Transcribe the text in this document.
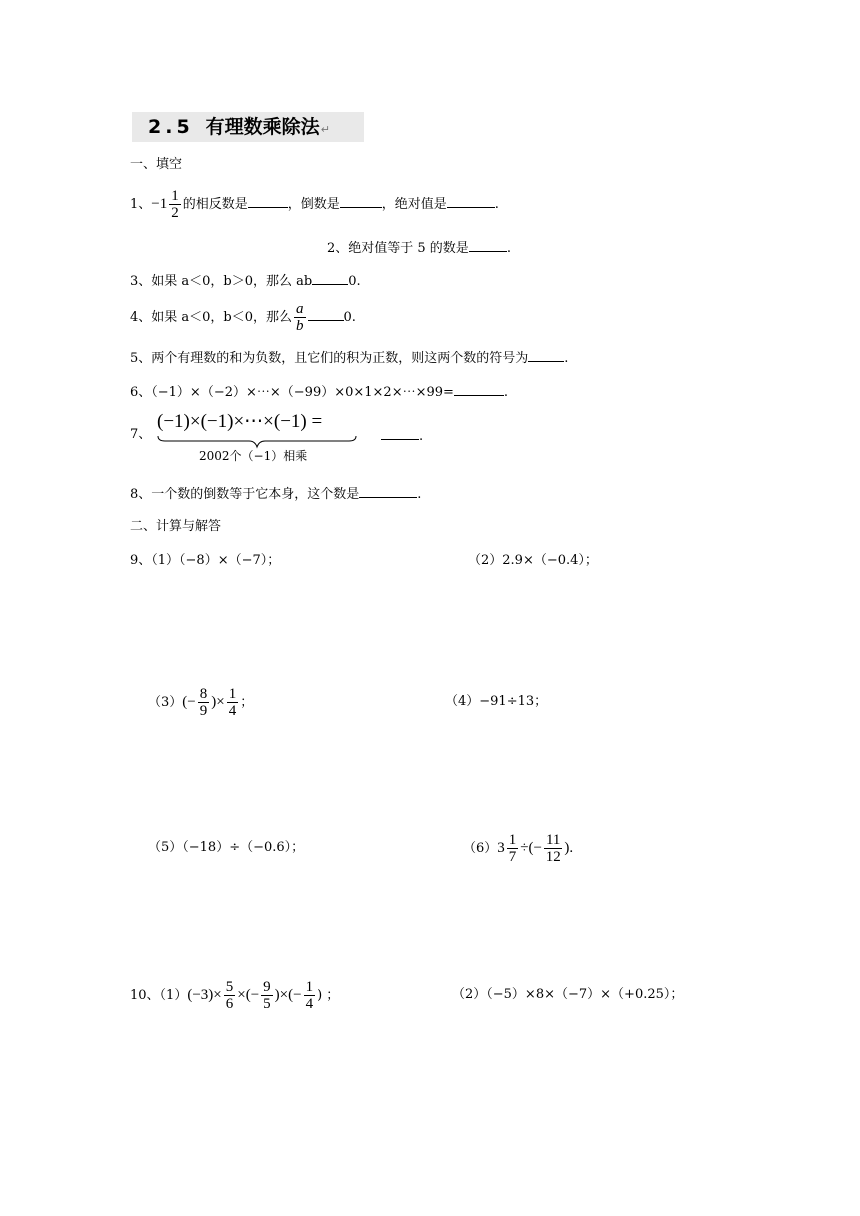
2.5 有理数乘除法↵
一、填空
1、$-1 \frac{1}{2}$ 的相反数是	，倒数是	，绝对值是	.
2、绝对值等于 5 的数是	.
3、如果 a＜0，b＞0，那么 ab	0.
4、如果 a＜0，b＜0，那么 $\frac{a}{b}$	0.
5、两个有理数的和为负数，且它们的积为正数，则这两个数的符号为	.
6、（−1）×（−2）×⋯×（−99）×0×1×2×⋯×99=	.
7、
(−1)×(−1)×⋯×(−1) =
2002个（−1）相乘
.
8、一个数的倒数等于它本身，这个数是	.
二、计算与解答
9、（1）（−8）×（−7）；	（2）2.9×（−0.4）；
$(3)(- \frac{8}{9}$ )× $\frac{1}{4}$ ；	（4）−91÷13；
（5）（−18）÷（−0.6）；	$(6)3 \frac{1}{7}$ ÷(− $\frac{11}{12}$ ).
10、$(1)(-3)\times \frac{5}{6}$ ×(− $\frac{9}{5}$ )×(− $\frac{1}{4}$ ) ；	（2）（−5）×8×（−7）×（+0.25）；
